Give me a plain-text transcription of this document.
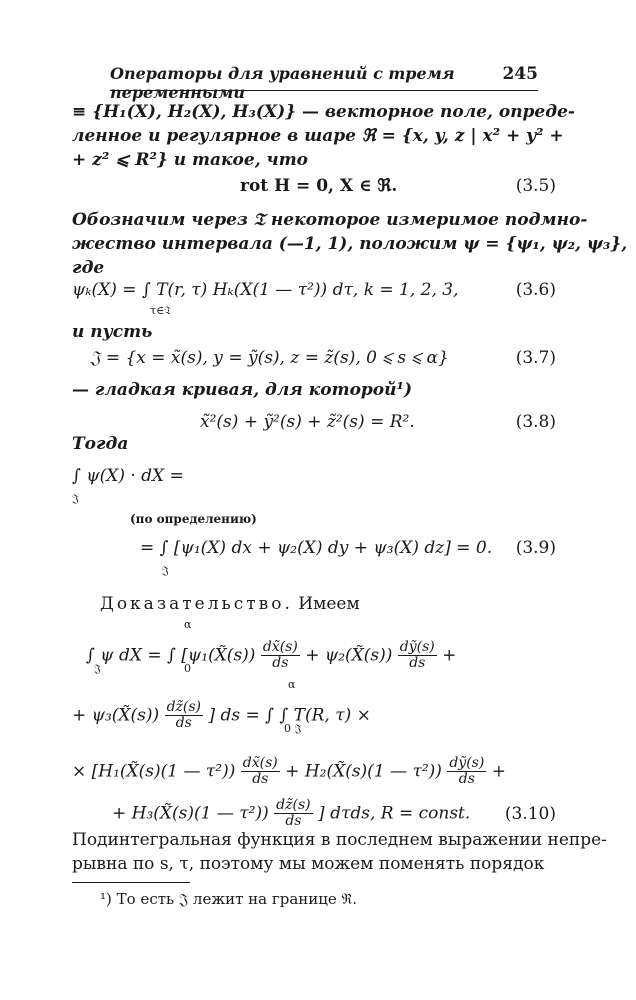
Операторы для уравнений с тремя переменными
245
≡ {H₁(X), H₂(X), H₃(X)} — векторное поле, опреде-
ленное и регулярное в шаре ℜ = {x, y, z | x² + y² +
+ z² ⩽ R²} и такое, что
rot H = 0, X ∈ ℜ.	(3.5)
Обозначим через 𝔗 некоторое измеримое подмно-
жество интервала (—1, 1), положим ψ = {ψ₁, ψ₂, ψ₃},
где
ψₖ(X) = ∫ T(r, τ) Hₖ(X(1 — τ²)) dτ, k = 1, 2, 3,
τ∈𝔗
(3.6)
и пусть
𝔍 = {x = x̃(s), y = ỹ(s), z = z̃(s), 0 ⩽ s ⩽ α}	(3.7)
— гладкая кривая, для которой¹)
x̃²(s) + ỹ²(s) + z̃²(s) = R².	(3.8)
Тогда
∫ ψ(X) · dX =
𝔍
(по определению)
= ∫ [ψ₁(X) dx + ψ₂(X) dy + ψ₃(X) dz] = 0.
𝔍
(3.9)
Доказательство. Имеем
α
∫ ψ dX = ∫ [ψ₁(X̃(s)) $\frac{dx̃(s)}{ds}$ + ψ₂(X̃(s)) $\frac{\text{dỹ(s)}}{ds}$ +
𝔍	0
α
+ ψ₃(X̃(s)) $\frac{dz̃(s)}{ds}$ ] ds = ∫ ∫ T(R, τ) ×
0 𝔍
× [H₁(X̃(s)(1 — $\tau^2)) \frac{dx̃(s)}{ds}$ + H₂(X̃(s)(1 — $\tau^2)) \frac{\text{dỹ(s)}}{ds}$ +
+ H₃(X̃(s)(1 — $\tau^2)) \frac{dz̃(s)}{ds}$ ] dτds, R = const. (3.10)
Подинтегральная функция в последнем выражении непре-
рывна по s, τ, поэтому мы можем поменять порядок
¹) То есть 𝔍 лежит на границе ℜ.
